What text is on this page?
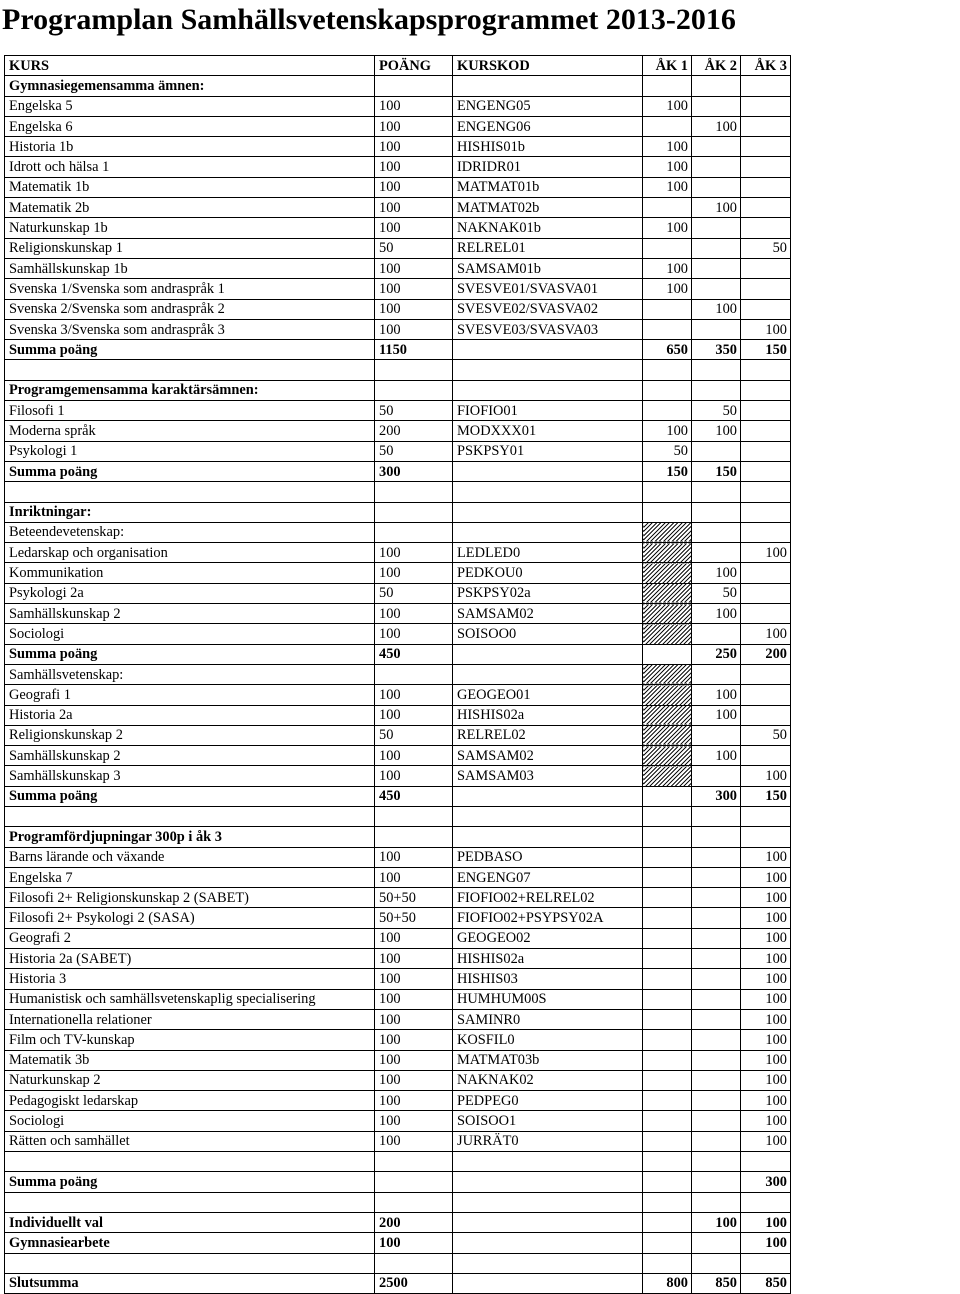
Programplan Samhällsvetenskapsprogrammet 2013-2016
KURS	POÄNG	KURSKOD	ÅK 1	ÅK 2	ÅK 3
Gymnasiegemensamma ämnen:					
Engelska 5	100	ENGENG05	100		
Engelska 6	100	ENGENG06		100	
Historia 1b	100	HISHIS01b	100		
Idrott och hälsa 1	100	IDRIDR01	100		
Matematik 1b	100	MATMAT01b	100		
Matematik 2b	100	MATMAT02b		100	
Naturkunskap 1b	100	NAKNAK01b	100		
Religionskunskap 1	50	RELREL01			50
Samhällskunskap 1b	100	SAMSAM01b	100		
Svenska 1/Svenska som andraspråk 1	100	SVESVE01/SVASVA01	100		
Svenska 2/Svenska som andraspråk 2	100	SVESVE02/SVASVA02		100	
Svenska 3/Svenska som andraspråk 3	100	SVESVE03/SVASVA03			100
Summa poäng	1150		650	350	150

Programgemensamma karaktärsämnen:					
Filosofi 1	50	FIOFIO01		50	
Moderna språk	200	MODXXX01	100	100	
Psykologi 1	50	PSKPSY01	50		
Summa poäng	300		150	150	

Inriktningar:					
Beteendevetenskap:					
Ledarskap och organisation	100	LEDLED0			100
Kommunikation	100	PEDKOU0		100	
Psykologi 2a	50	PSKPSY02a		50	
Samhällskunskap 2	100	SAMSAM02		100	
Sociologi	100	SOISOO0			100
Summa poäng	450			250	200
Samhällsvetenskap:					
Geografi 1	100	GEOGEO01		100	
Historia 2a	100	HISHIS02a		100	
Religionskunskap 2	50	RELREL02			50
Samhällskunskap 2	100	SAMSAM02		100	
Samhällskunskap 3	100	SAMSAM03			100
Summa poäng	450			300	150

Programfördjupningar 300p i åk 3					
Barns lärande och växande	100	PEDBASO			100
Engelska 7	100	ENGENG07			100
Filosofi 2+ Religionskunskap 2 (SABET)	50+50	FIOFIO02+RELREL02			100
Filosofi 2+ Psykologi 2 (SASA)	50+50	FIOFIO02+PSYPSY02A			100
Geografi 2	100	GEOGEO02			100
Historia 2a (SABET)	100	HISHIS02a			100
Historia 3	100	HISHIS03			100
Humanistisk och samhällsvetenskaplig specialisering	100	HUMHUM00S			100
Internationella relationer	100	SAMINR0			100
Film och TV-kunskap	100	KOSFIL0			100
Matematik 3b	100	MATMAT03b			100
Naturkunskap 2	100	NAKNAK02			100
Pedagogiskt ledarskap	100	PEDPEG0			100
Sociologi	100	SOISOO1			100
Rätten och samhället	100	JURRÄT0			100

Summa poäng					300

Individuellt val	200			100	100
Gymnasiearbete	100				100

Slutsumma	2500		800	850	850
